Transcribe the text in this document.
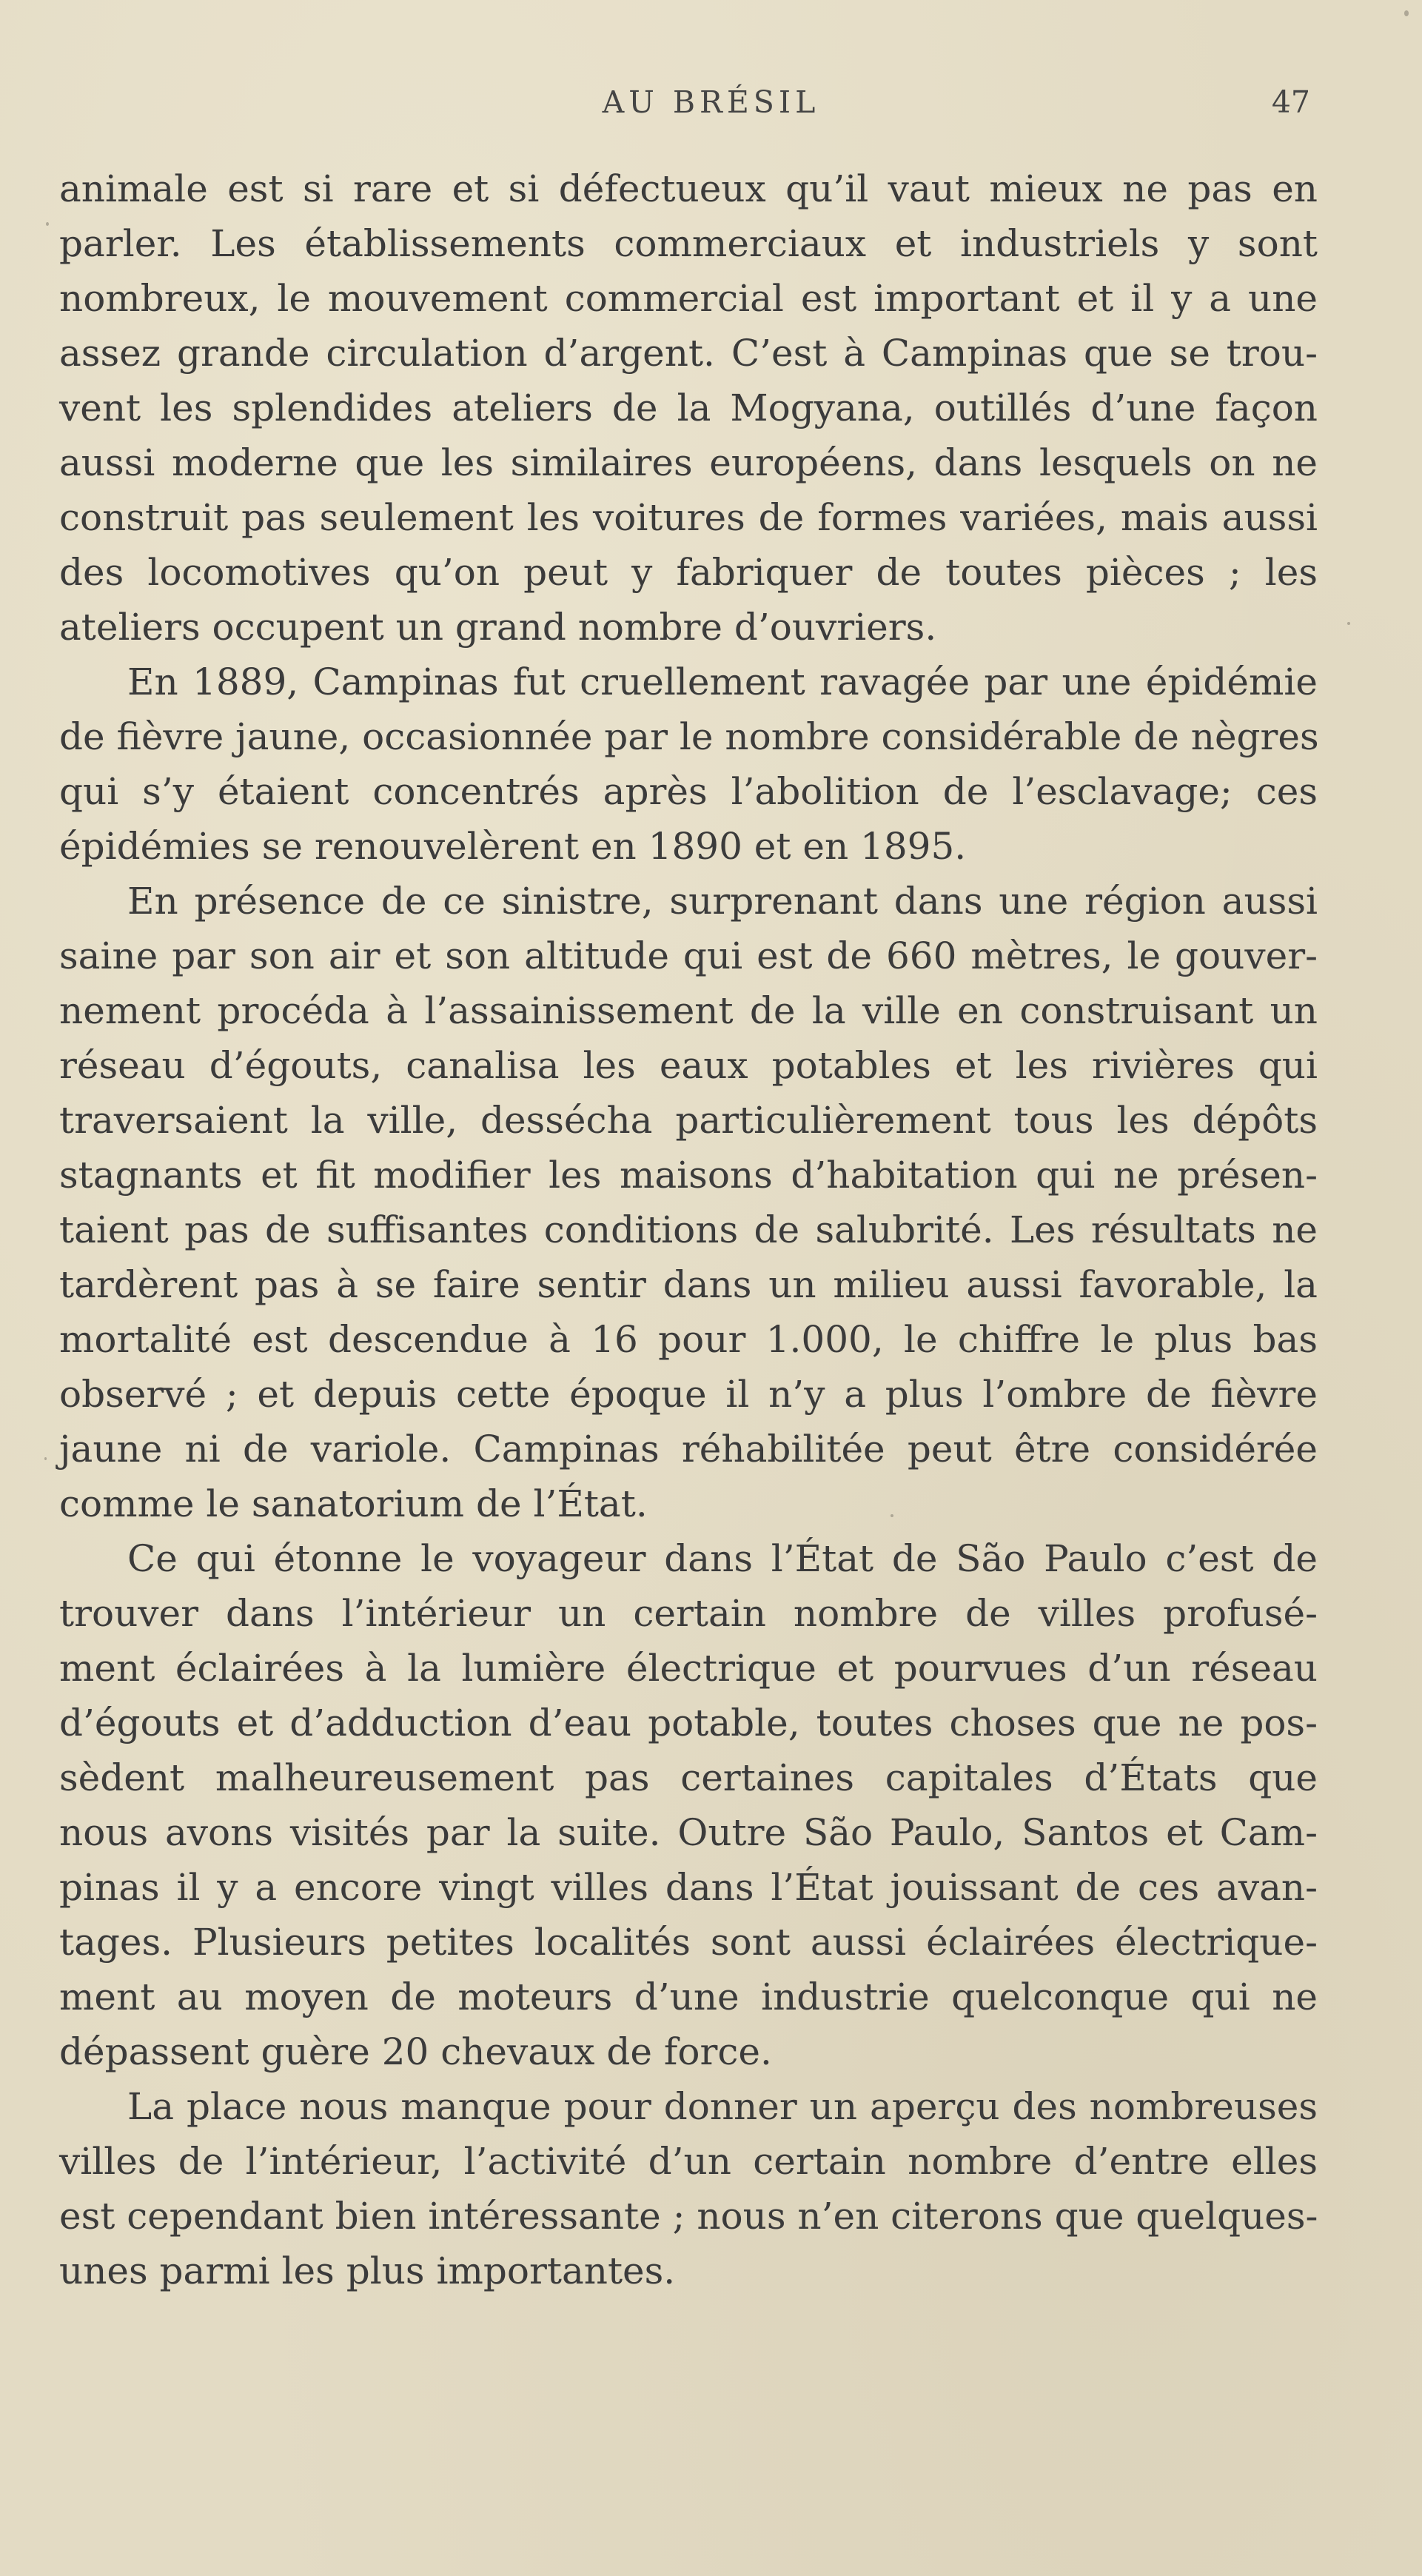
AU BRÉSIL	47
animale est si rare et si défectueux qu’il vaut mieux ne pas en
parler. Les établissements commerciaux et industriels y sont
nombreux, le mouvement commercial est important et il y a une
assez grande circulation d’argent. C’est à Campinas que se trou-
vent les splendides ateliers de la Mogyana, outillés d’une façon
aussi moderne que les similaires européens, dans lesquels on ne
construit pas seulement les voitures de formes variées, mais aussi
des locomotives qu’on peut y fabriquer de toutes pièces ; les
ateliers occupent un grand nombre d’ouvriers.
En 1889, Campinas fut cruellement ravagée par une épidémie
de fièvre jaune, occasionnée par le nombre considérable de nègres
qui s’y étaient concentrés après l’abolition de l’esclavage; ces
épidémies se renouvelèrent en 1890 et en 1895.
En présence de ce sinistre, surprenant dans une région aussi
saine par son air et son altitude qui est de 660 mètres, le gouver-
nement procéda à l’assainissement de la ville en construisant un
réseau d’égouts, canalisa les eaux potables et les rivières qui
traversaient la ville, dessécha particulièrement tous les dépôts
stagnants et fit modifier les maisons d’habitation qui ne présen-
taient pas de suffisantes conditions de salubrité. Les résultats ne
tardèrent pas à se faire sentir dans un milieu aussi favorable, la
mortalité est descendue à 16 pour 1.000, le chiffre le plus bas
observé ; et depuis cette époque il n’y a plus l’ombre de fièvre
jaune ni de variole. Campinas réhabilitée peut être considérée
comme le sanatorium de l’État.
Ce qui étonne le voyageur dans l’État de São Paulo c’est de
trouver dans l’intérieur un certain nombre de villes profusé-
ment éclairées à la lumière électrique et pourvues d’un réseau
d’égouts et d’adduction d’eau potable, toutes choses que ne pos-
sèdent malheureusement pas certaines capitales d’États que
nous avons visités par la suite. Outre São Paulo, Santos et Cam-
pinas il y a encore vingt villes dans l’État jouissant de ces avan-
tages. Plusieurs petites localités sont aussi éclairées électrique-
ment au moyen de moteurs d’une industrie quelconque qui ne
dépassent guère 20 chevaux de force.
La place nous manque pour donner un aperçu des nombreuses
villes de l’intérieur, l’activité d’un certain nombre d’entre elles
est cependant bien intéressante ; nous n’en citerons que quelques-
unes parmi les plus importantes.
